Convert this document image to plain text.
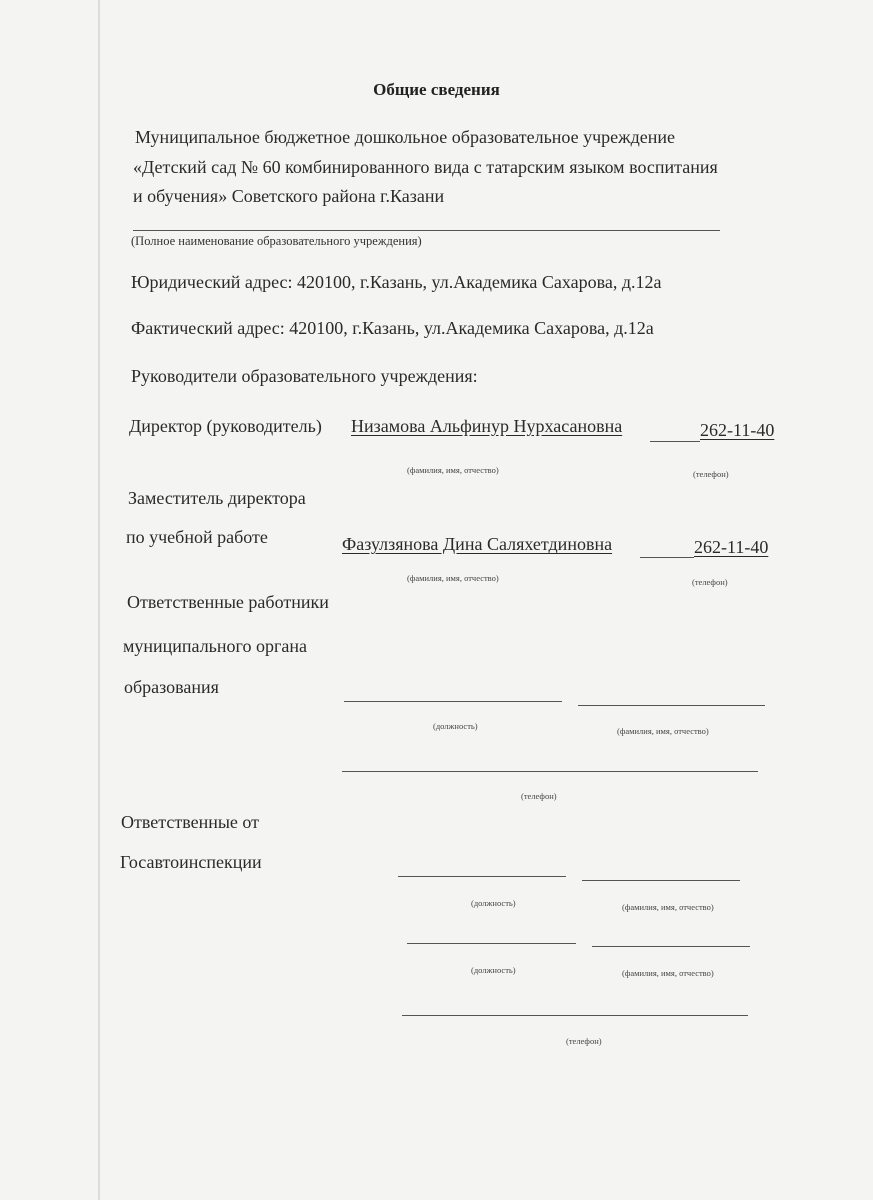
Общие сведения
Муниципальное бюджетное дошкольное образовательное учреждение
«Детский сад № 60 комбинированного вида с татарским языком воспитания
и обучения» Советского района г.Казани
(Полное наименование образовательного учреждения)
Юридический адрес: 420100, г.Казань, ул.Академика Сахарова, д.12а
Фактический адрес: 420100, г.Казань, ул.Академика Сахарова, д.12а
Руководители образовательного учреждения:
Директор (руководитель) Низамова Альфинур Нурхасановна	262-11-40
(фамилия, имя, отчество)	(телефон)
Заместитель директора
по учебной работе	Фазулзянова Дина Саляхетдиновна	262-11-40
(фамилия, имя, отчество)	(телефон)
Ответственные работники
муниципального органа
образования
(должность)	(фамилия, имя, отчество)
(телефон)
Ответственные от
Госавтоинспекции
(должность)	(фамилия, имя, отчество)
(должность)	(фамилия, имя, отчество)
(телефон)
